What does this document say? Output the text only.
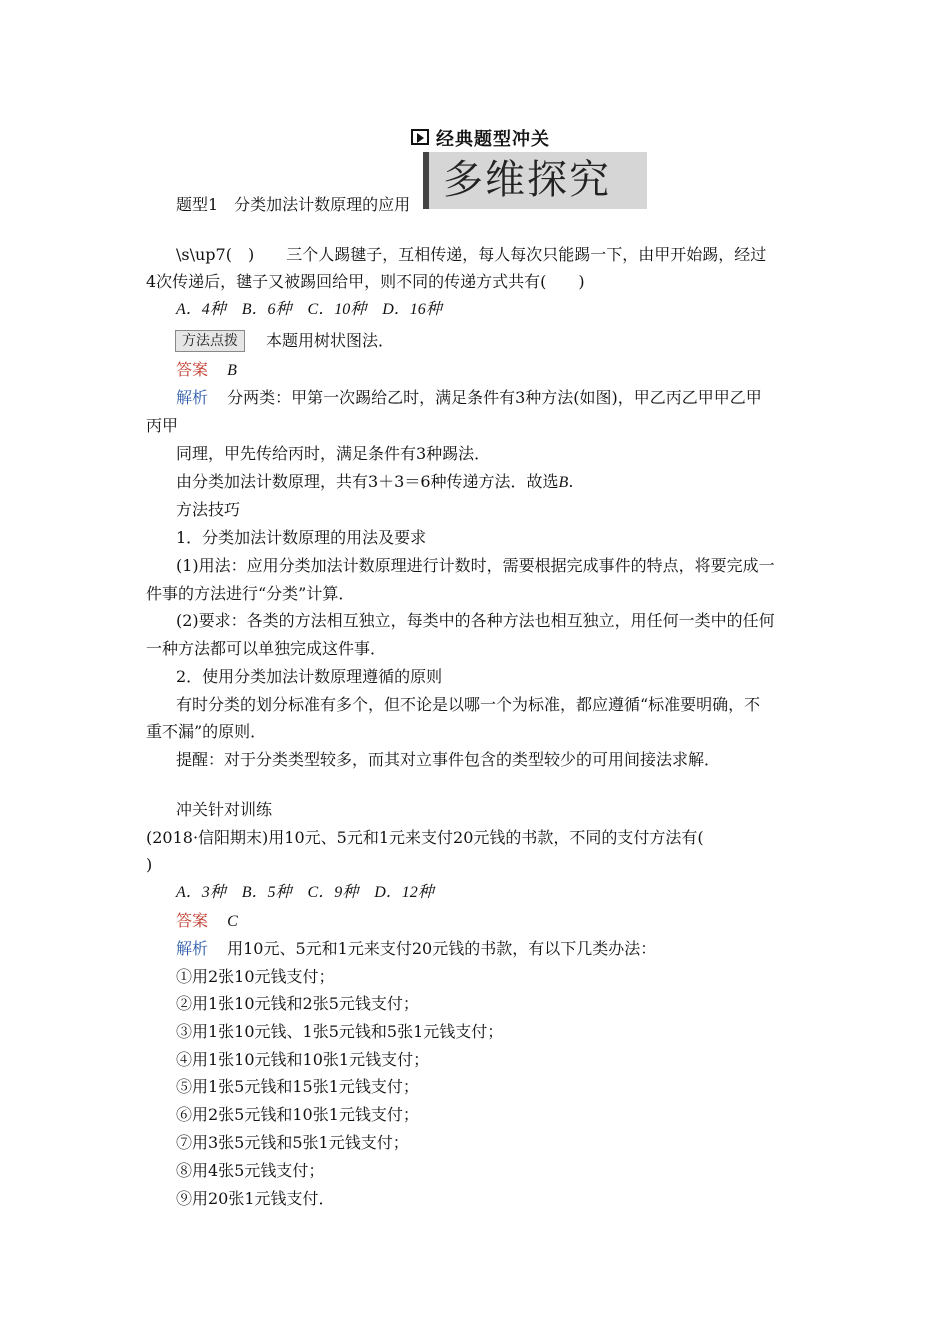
经典题型冲关
多维探究
题型1　分类加法计数原理的应用
\s\up7(　)　　三个人踢毽子，互相传递，每人每次只能踢一下，由甲开始踢，经过
4次传递后，毽子又被踢回给甲，则不同的传递方式共有(　　)
A．4种　B．6种　C．10种　D．16种
方法点拨	本题用树状图法．
答案 B
解析 分两类：甲第一次踢给乙时，满足条件有3种方法(如图)，甲乙丙乙甲甲乙甲
丙甲
同理，甲先传给丙时，满足条件有3种踢法．
由分类加法计数原理，共有3＋3＝6种传递方法．故选B.
方法技巧
1．分类加法计数原理的用法及要求
(1)用法：应用分类加法计数原理进行计数时，需要根据完成事件的特点，将要完成一
件事的方法进行“分类”计算．
(2)要求：各类的方法相互独立，每类中的各种方法也相互独立，用任何一类中的任何
一种方法都可以单独完成这件事．
2．使用分类加法计数原理遵循的原则
有时分类的划分标准有多个，但不论是以哪一个为标准，都应遵循“标准要明确，不
重不漏”的原则．
提醒：对于分类类型较多，而其对立事件包含的类型较少的可用间接法求解．
冲关针对训练
(2018·信阳期末)用10元、5元和1元来支付20元钱的书款，不同的支付方法有(
)
A．3种　B．5种　C．9种　D．12种
答案 C
解析 用10元、5元和1元来支付20元钱的书款，有以下几类办法：
①用2张10元钱支付；
②用1张10元钱和2张5元钱支付；
③用1张10元钱、1张5元钱和5张1元钱支付；
④用1张10元钱和10张1元钱支付；
⑤用1张5元钱和15张1元钱支付；
⑥用2张5元钱和10张1元钱支付；
⑦用3张5元钱和5张1元钱支付；
⑧用4张5元钱支付；
⑨用20张1元钱支付．
